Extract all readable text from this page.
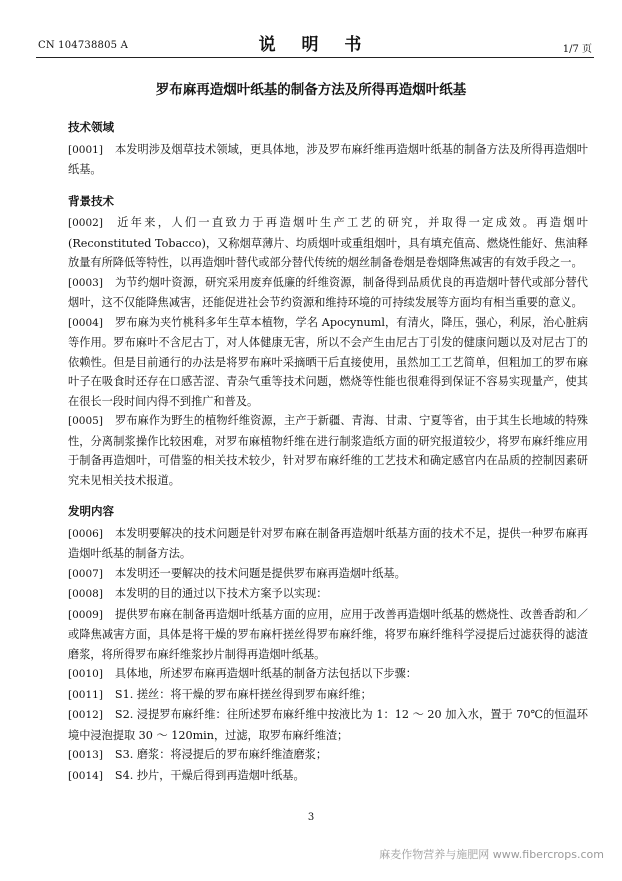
CN 104738805 A	说 明 书	1/7 页
罗布麻再造烟叶纸基的制备方法及所得再造烟叶纸基

技术领域

[0001] 本发明涉及烟草技术领域，更具体地，涉及罗布麻纤维再造烟叶纸基的制备方法及所得再造烟叶纸基。

背景技术

[0002] 近年来，人们一直致力于再造烟叶生产工艺的研究，并取得一定成效。再造烟叶(Reconstituted Tobacco)，又称烟草薄片、均质烟叶或重组烟叶，具有填充值高、燃烧性能好、焦油释放量有所降低等特性，以再造烟叶替代或部分替代传统的烟丝制备卷烟是卷烟降焦减害的有效手段之一。

[0003] 为节约烟叶资源，研究采用废弃低廉的纤维资源，制备得到品质优良的再造烟叶替代或部分替代烟叶，这不仅能降焦减害，还能促进社会节约资源和维持环境的可持续发展等方面均有相当重要的意义。

[0004] 罗布麻为夹竹桃科多年生草本植物，学名 Apocynuml，有清火，降压，强心，利尿，治心脏病等作用。罗布麻叶不含尼古丁，对人体健康无害，所以不会产生由尼古丁引发的健康问题以及对尼古丁的依赖性。但是目前通行的办法是将罗布麻叶采摘晒干后直接使用，虽然加工工艺简单，但粗加工的罗布麻叶子在吸食时还存在口感苦涩、青杂气重等技术问题，燃烧等性能也很难得到保证不容易实现量产，使其在很长一段时间内得不到推广和普及。

[0005] 罗布麻作为野生的植物纤维资源，主产于新疆、青海、甘肃、宁夏等省，由于其生长地域的特殊性，分离制浆操作比较困难，对罗布麻植物纤维在进行制浆造纸方面的研究报道较少，将罗布麻纤维应用于制备再造烟叶，可借鉴的相关技术较少，针对罗布麻纤维的工艺技术和确定感官内在品质的控制因素研究未见相关技术报道。

发明内容

[0006] 本发明要解决的技术问题是针对罗布麻在制备再造烟叶纸基方面的技术不足，提供一种罗布麻再造烟叶纸基的制备方法。

[0007] 本发明还一要解决的技术问题是提供罗布麻再造烟叶纸基。

[0008] 本发明的目的通过以下技术方案予以实现：

[0009] 提供罗布麻在制备再造烟叶纸基方面的应用，应用于改善再造烟叶纸基的燃烧性、改善香韵和／或降焦减害方面，具体是将干燥的罗布麻杆搓丝得罗布麻纤维，将罗布麻纤维科学浸提后过滤获得的滤渣磨浆，将所得罗布麻纤维浆抄片制得再造烟叶纸基。

[0010] 具体地，所述罗布麻再造烟叶纸基的制备方法包括以下步骤：

[0011] S1. 搓丝：将干燥的罗布麻杆搓丝得到罗布麻纤维；

[0012] S2. 浸提罗布麻纤维：往所述罗布麻纤维中按液比为 1：12 ～ 20 加入水，置于 70℃的恒温环境中浸泡提取 30 ～ 120min，过滤，取罗布麻纤维渣；

[0013] S3. 磨浆：将浸提后的罗布麻纤维渣磨浆；

[0014] S4. 抄片，干燥后得到再造烟叶纸基。

3
麻麦作物营养与施肥网 www.fibercrops.com
